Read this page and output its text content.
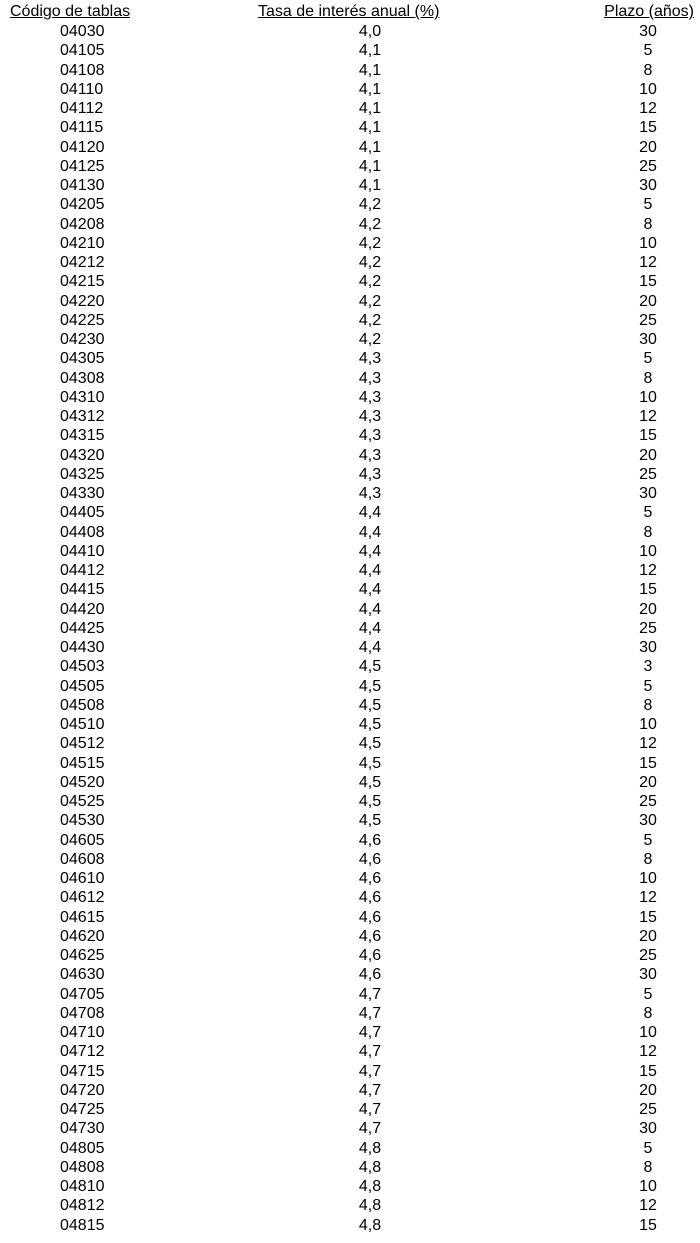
Código de tablas	Tasa de interés anual (%)	Plazo (años)
04030	4,0	30
04105	4,1	5
04108	4,1	8
04110	4,1	10
04112	4,1	12
04115	4,1	15
04120	4,1	20
04125	4,1	25
04130	4,1	30
04205	4,2	5
04208	4,2	8
04210	4,2	10
04212	4,2	12
04215	4,2	15
04220	4,2	20
04225	4,2	25
04230	4,2	30
04305	4,3	5
04308	4,3	8
04310	4,3	10
04312	4,3	12
04315	4,3	15
04320	4,3	20
04325	4,3	25
04330	4,3	30
04405	4,4	5
04408	4,4	8
04410	4,4	10
04412	4,4	12
04415	4,4	15
04420	4,4	20
04425	4,4	25
04430	4,4	30
04503	4,5	3
04505	4,5	5
04508	4,5	8
04510	4,5	10
04512	4,5	12
04515	4,5	15
04520	4,5	20
04525	4,5	25
04530	4,5	30
04605	4,6	5
04608	4,6	8
04610	4,6	10
04612	4,6	12
04615	4,6	15
04620	4,6	20
04625	4,6	25
04630	4,6	30
04705	4,7	5
04708	4,7	8
04710	4,7	10
04712	4,7	12
04715	4,7	15
04720	4,7	20
04725	4,7	25
04730	4,7	30
04805	4,8	5
04808	4,8	8
04810	4,8	10
04812	4,8	12
04815	4,8	15
